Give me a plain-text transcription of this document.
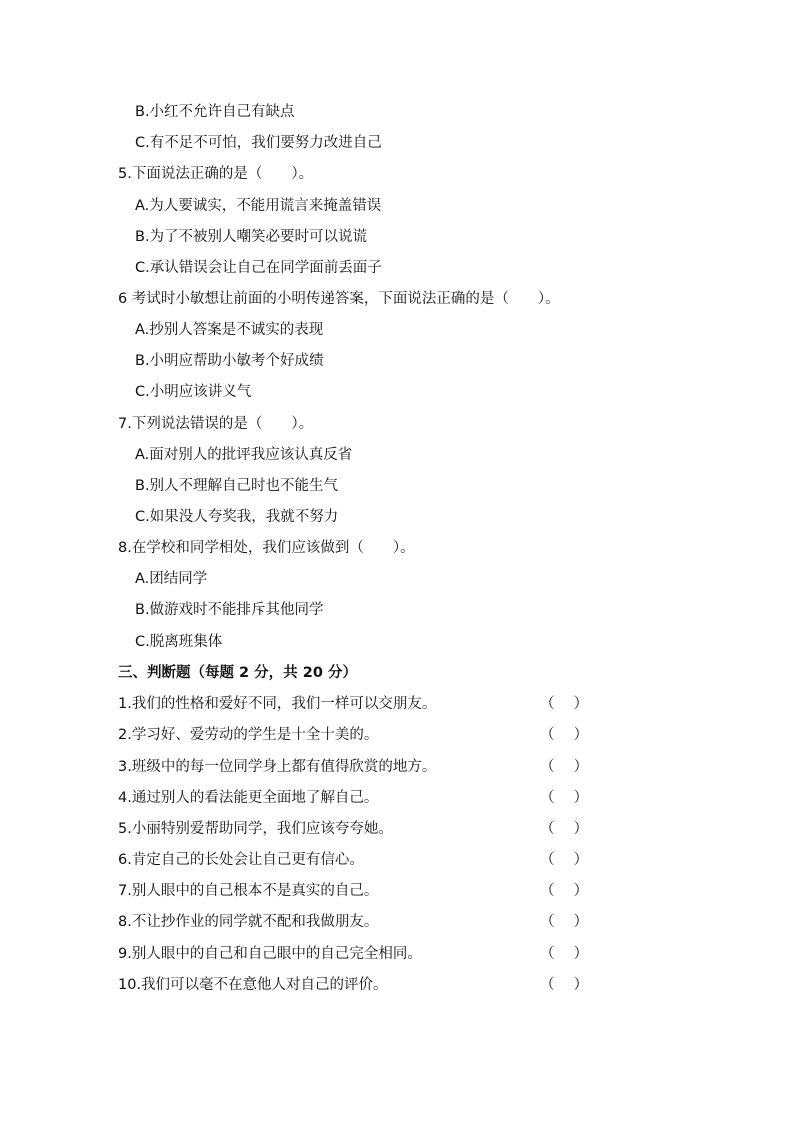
B.小红不允许自己有缺点
C.有不足不可怕，我们要努力改进自己
5.下面说法正确的是（　　）。
A.为人要诚实，不能用谎言来掩盖错误
B.为了不被别人嘲笑必要时可以说谎
C.承认错误会让自己在同学面前丢面子
6 考试时小敏想让前面的小明传递答案，下面说法正确的是（　　）。
A.抄别人答案是不诚实的表现
B.小明应帮助小敏考个好成绩
C.小明应该讲义气
7.下列说法错误的是（　　）。
A.面对别人的批评我应该认真反省
B.别人不理解自己时也不能生气
C.如果没人夸奖我，我就不努力
8.在学校和同学相处，我们应该做到（　　）。
A.团结同学
B.做游戏时不能排斥其他同学
C.脱离班集体
三、判断题（每题 2 分，共 20 分）
1.我们的性格和爱好不同，我们一样可以交朋友。	（　 ）
2.学习好、爱劳动的学生是十全十美的。	（　 ）
3.班级中的每一位同学身上都有值得欣赏的地方。	（　 ）
4.通过别人的看法能更全面地了解自己。	（　 ）
5.小丽特别爱帮助同学，我们应该夸夸她。	（　 ）
6.肯定自己的长处会让自己更有信心。	（　 ）
7.别人眼中的自己根本不是真实的自己。	（　 ）
8.不让抄作业的同学就不配和我做朋友。	（　 ）
9.别人眼中的自己和自己眼中的自己完全相同。	（　 ）
10.我们可以毫不在意他人对自己的评价。	（　 ）
